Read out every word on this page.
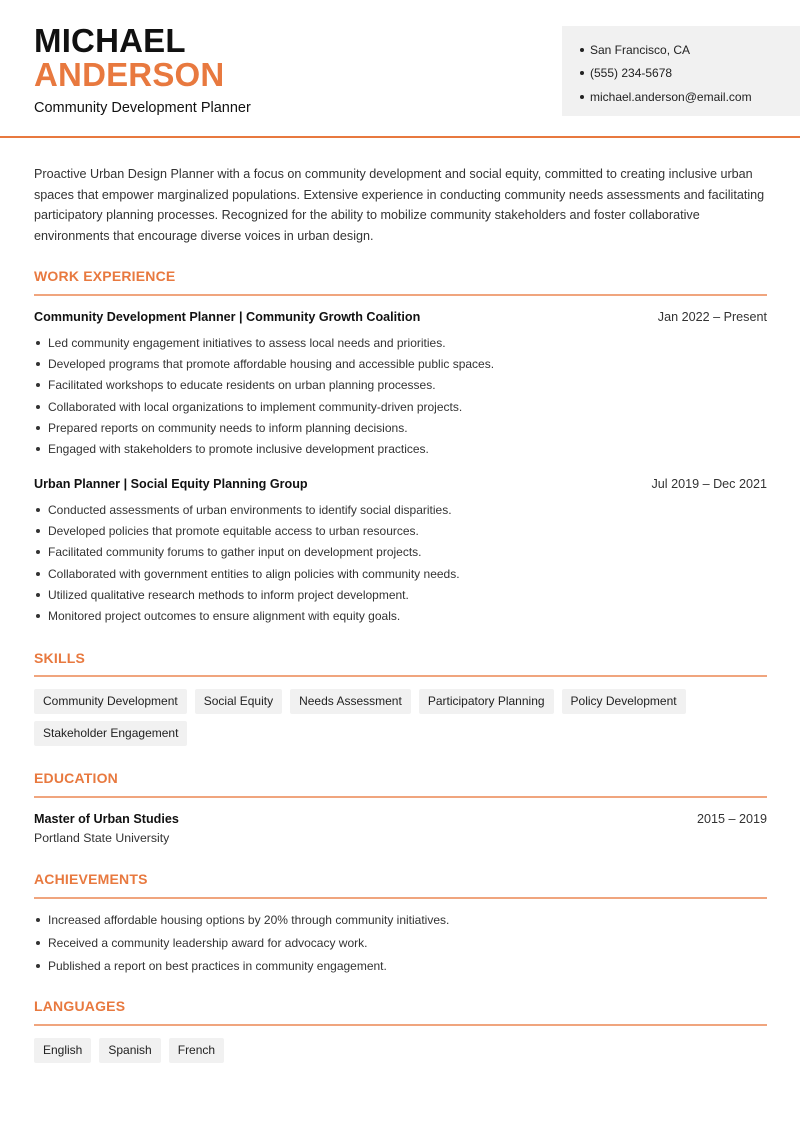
MICHAEL
ANDERSON
Community Development Planner
San Francisco, CA
(555) 234-5678
michael.anderson@email.com

Proactive Urban Design Planner with a focus on community development and social equity, committed to creating inclusive urban spaces that empower marginalized populations. Extensive experience in conducting community needs assessments and facilitating participatory planning processes. Recognized for the ability to mobilize community stakeholders and foster collaborative environments that encourage diverse voices in urban design.

WORK EXPERIENCE
Community Development Planner | Community Growth Coalition	Jan 2022 – Present
Led community engagement initiatives to assess local needs and priorities.
Developed programs that promote affordable housing and accessible public spaces.
Facilitated workshops to educate residents on urban planning processes.
Collaborated with local organizations to implement community-driven projects.
Prepared reports on community needs to inform planning decisions.
Engaged with stakeholders to promote inclusive development practices.
Urban Planner | Social Equity Planning Group	Jul 2019 – Dec 2021
Conducted assessments of urban environments to identify social disparities.
Developed policies that promote equitable access to urban resources.
Facilitated community forums to gather input on development projects.
Collaborated with government entities to align policies with community needs.
Utilized qualitative research methods to inform project development.
Monitored project outcomes to ensure alignment with equity goals.
SKILLS
Community Development	Social Equity	Needs Assessment	Participatory Planning	Policy Development
Stakeholder Engagement
EDUCATION
Master of Urban Studies	2015 – 2019
Portland State University
ACHIEVEMENTS
Increased affordable housing options by 20% through community initiatives.
Received a community leadership award for advocacy work.
Published a report on best practices in community engagement.
LANGUAGES
English	Spanish	French
